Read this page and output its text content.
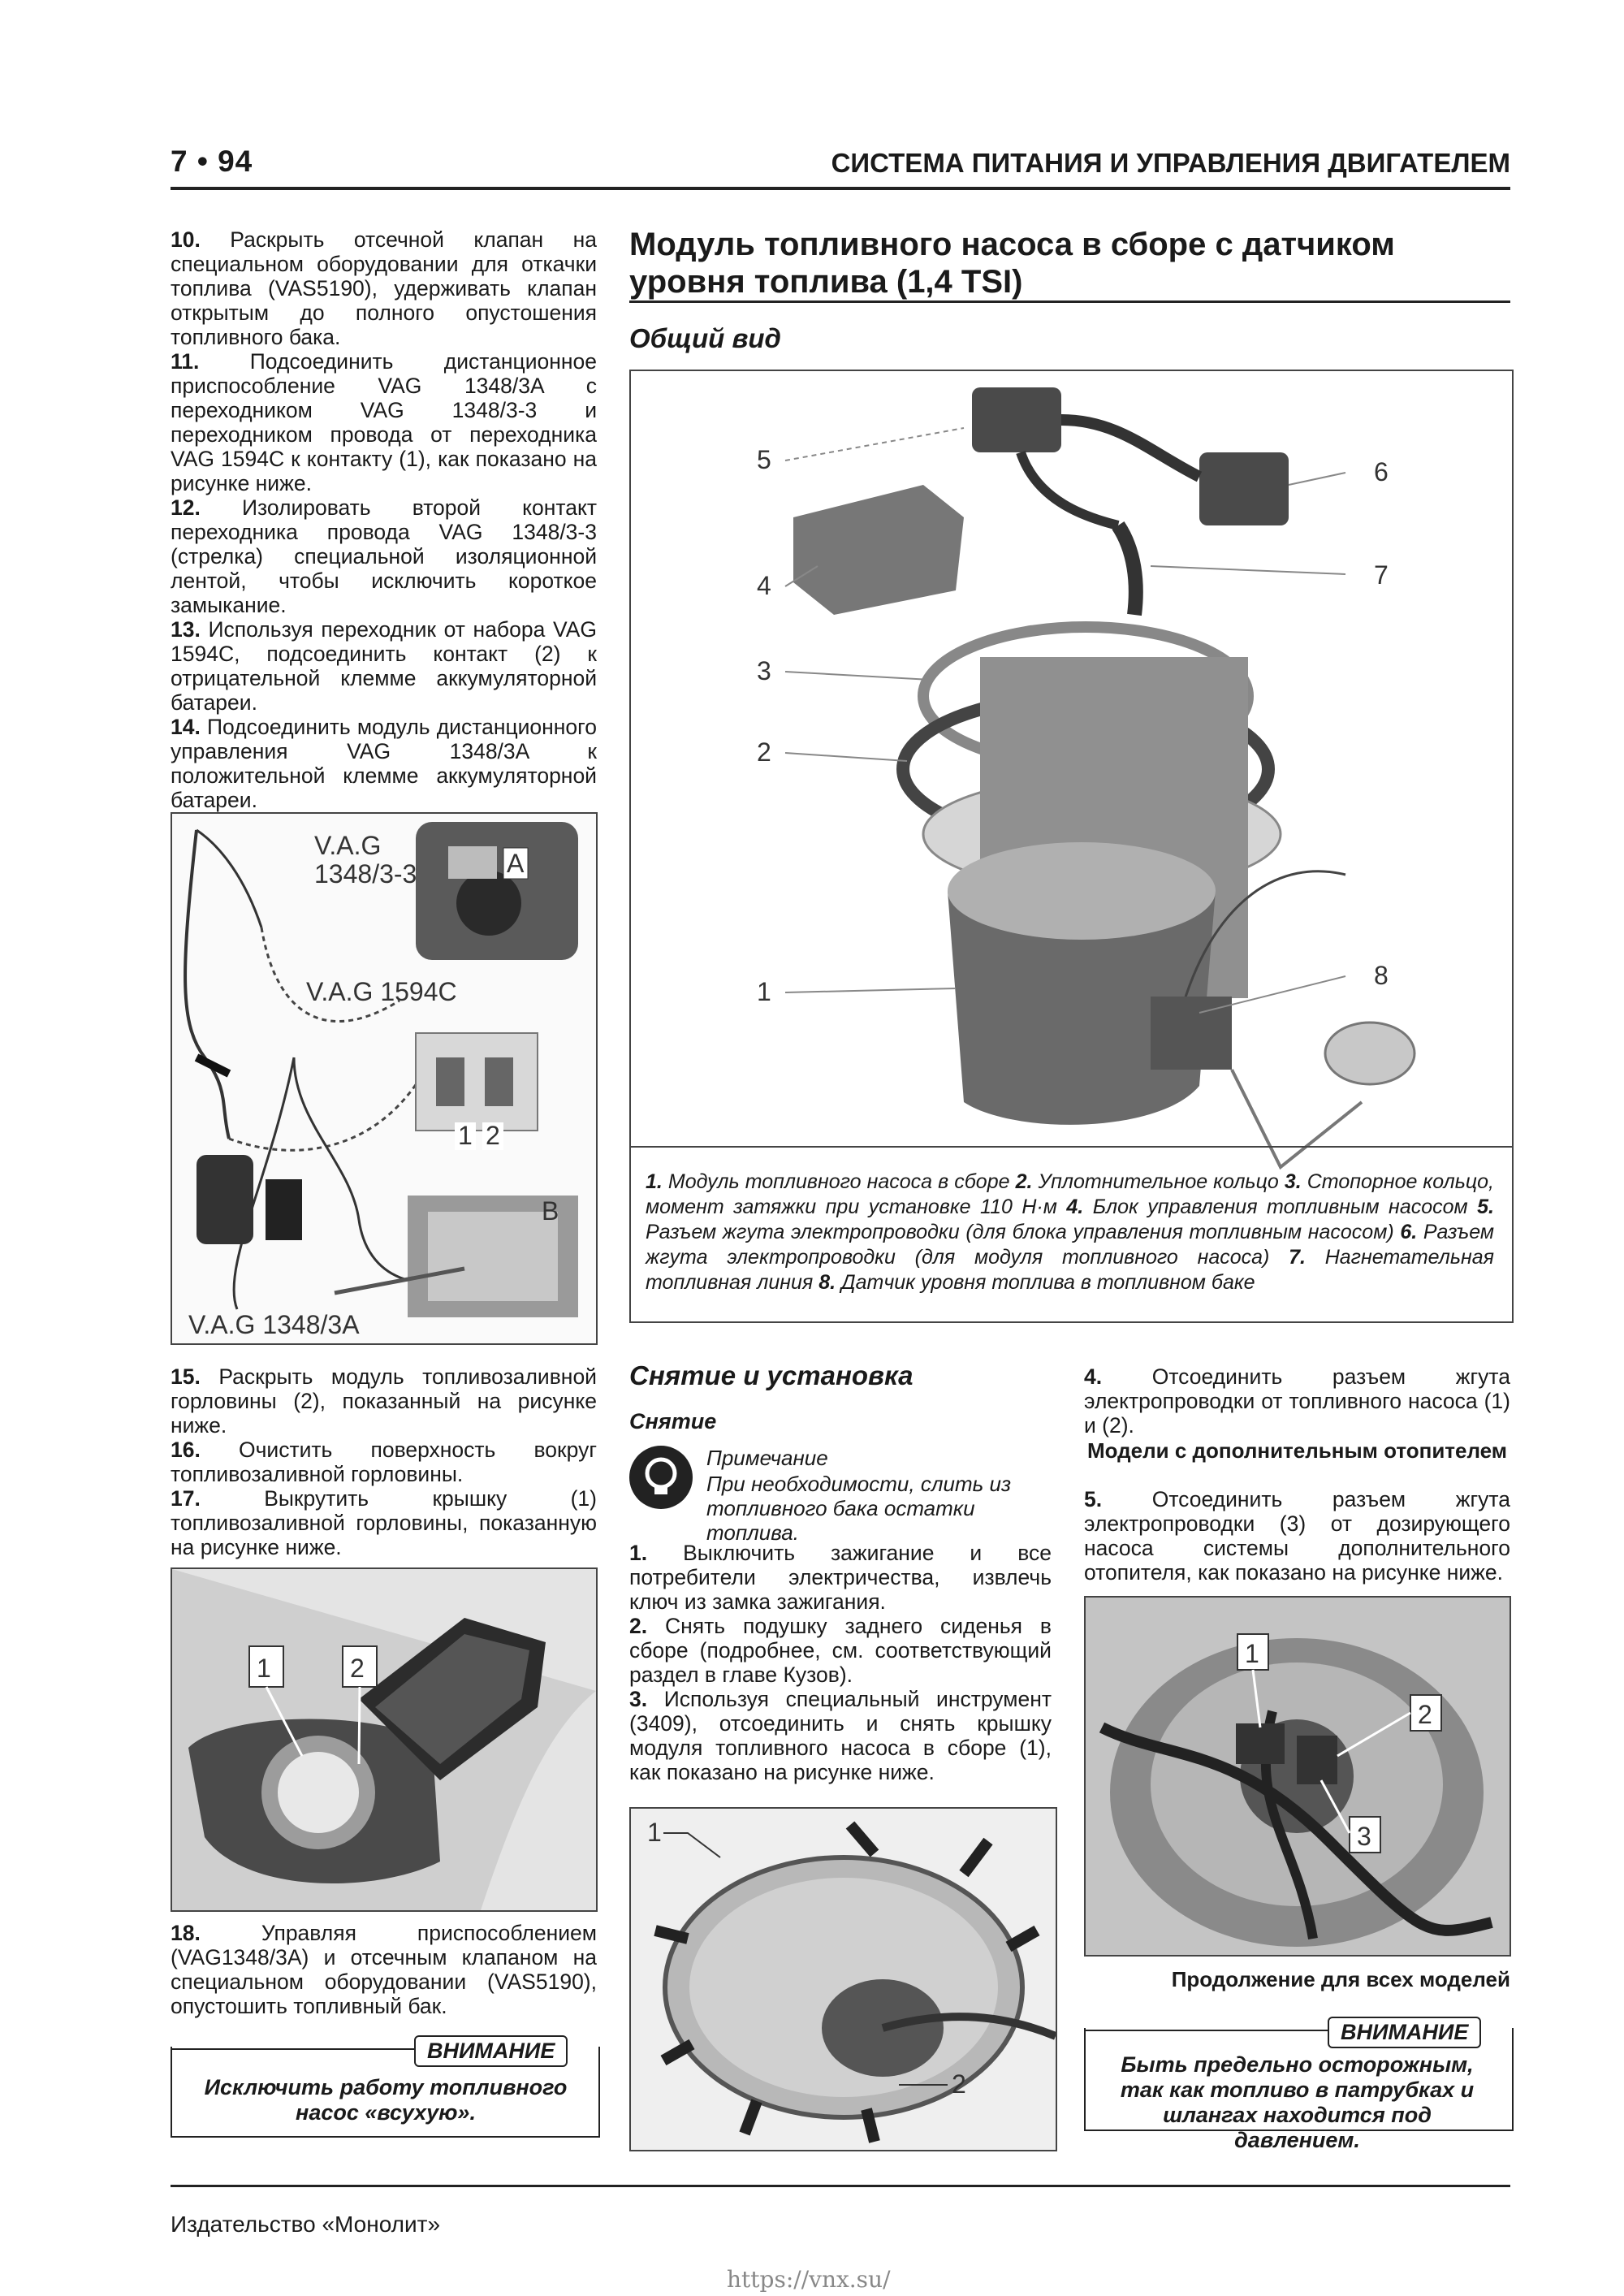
7 • 94	СИСТЕМА ПИТАНИЯ И УПРАВЛЕНИЯ ДВИГАТЕЛЕМ

10. Раскрыть отсечной клапан на специальном оборудовании для откачки топлива (VAS5190), удерживать клапан открытым до полного опустошения топливного бака.

11. Подсоединить дистанционное приспособление VAG 1348/3A с переходником VAG 1348/3-3 и переходником провода от переходника VAG 1594C к контакту (1), как показано на рисунке ниже.

12. Изолировать второй контакт переходника провода VAG 1348/3-3 (стрелка) специальной изоляционной лентой, чтобы исключить короткое замыкание.

13. Используя переходник от набора VAG 1594C, подсоединить контакт (2) к отрицательной клемме аккумуляторной батареи.

14. Подсоединить модуль дистанционного управления VAG 1348/3A к положительной клемме аккумуляторной батареи.

V.A.G
1348/3-3
V.A.G 1594C
V.A.G 1348/3A
A
B
1 2

15. Раскрыть модуль топливозаливной горловины (2), показанный на рисунке ниже.

16. Очистить поверхность вокруг топливозаливной горловины.

17.	Выкрутить крышку (1) топливозаливной горловины, показанную на рисунке ниже.

1	2

18.	Управляя приспособлением (VAG1348/3A) и отсечным клапаном на специальном оборудовании (VAS5190), опустошить топливный бак.

ВНИМАНИЕ
Исключить работу топливного насос «всухую».
Модуль топливного насоса в сборе с датчиком уровня топлива (1,4 TSI)
Общий вид
5	6
4	7
3
2
1
8
1. Модуль топливного насоса в сборе 2. Уплотнительное кольцо 3. Стопорное кольцо, момент затяжки при установке 110 Н·м 4. Блок управления топливным насосом 5. Разъем жгута электропроводки (для блока управления топливным насосом) 6. Разъем жгута электропроводки (для модуля топливного насоса) 7. Нагнетательная топливная линия 8. Датчик уровня топлива в топливном баке
Снятие и установка
Снятие
Примечание
При необходимости, слить из топливного бака остатки топлива.

1. Выключить зажигание и все потребители электричества, извлечь ключ из замка зажигания.

2. Снять подушку заднего сиденья в сборе (подробнее, см. соответствующий раздел в главе Кузов).

3. Используя специальный инструмент (3409), отсоединить и снять крышку модуля топливного насоса в сборе (1), как показано на рисунке ниже.

1
2

4. Отсоединить разъем жгута электропроводки от топливного насоса (1) и (2).

Модели с дополнительным отопителем

5. Отсоединить разъем жгута электропроводки (3) от дозирующего насоса системы дополнительного отопителя, как показано на рисунке ниже.

1
2
3
Продолжение для всех моделей
ВНИМАНИЕ
Быть предельно осторожным, так как топливо в патрубках и шлангах находится под давлением.
Издательство «Монолит»
https://vnx.su/
